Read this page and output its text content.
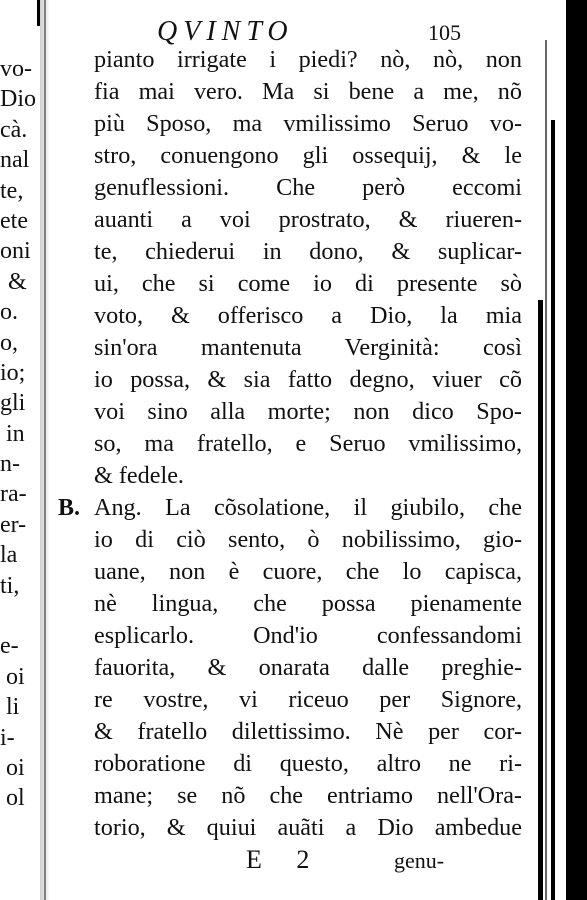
vo-
Dio
cà.
nal
te,
ete
oni
&
o.
o,
io;
gli
in
n-
ra-
er-
la
ti,
e-
oi
li
i-
oi
ol
QVINTO	105
pianto irrigate i piedi? nò, nò, non
fia mai vero. Ma si bene a me, nõ
più Sposo, ma vmilissimo Seruo vo-
stro, conuengono gli ossequij, & le
genuflessioni. Che però eccomi
auanti a voi prostrato, & riueren-
te, chiederui in dono, & suplicar-
ui, che si come io di presente sò
voto, & offerisco a Dio, la mia
sin'ora mantenuta Verginità: così
io possa, & sia fatto degno, viuer cõ
voi sino alla morte; non dico Spo-
so, ma fratello, e Seruo vmilissimo,
& fedele.
B. Ang. La cõsolatione, il giubilo, che
io di ciò sento, ò nobilissimo, gio-
uane, non è cuore, che lo capisca,
nè lingua, che possa pienamente
esplicarlo. Ond'io confessandomi
fauorita, & onarata dalle preghie-
re vostre, vi riceuo per Signore,
& fratello dilettissimo. Nè per cor-
roboratione di questo, altro ne ri-
mane; se nõ che entriamo nell'Ora-
torio, & quiui auãti a Dio ambedue
E 2	genu-
